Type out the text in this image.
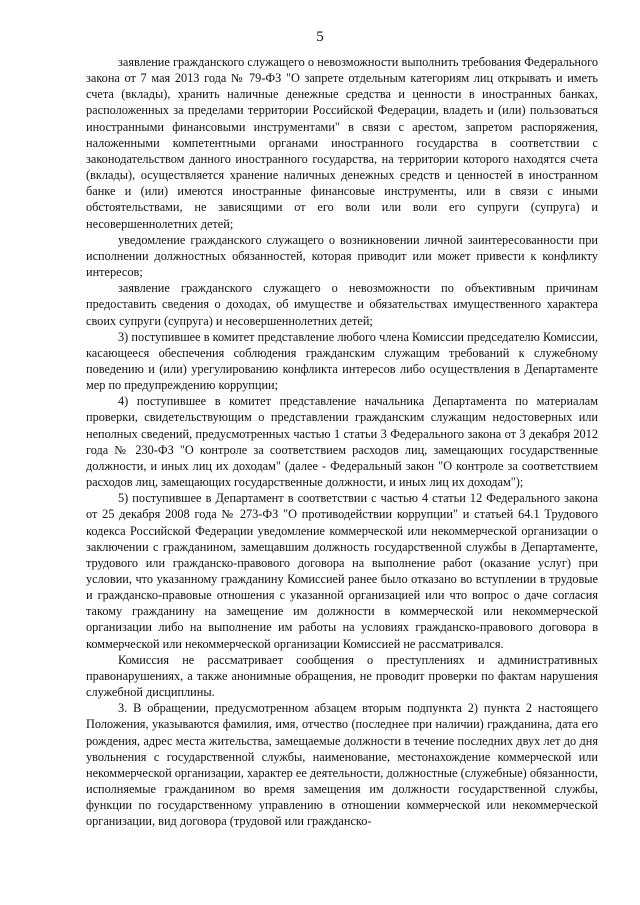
5

заявление гражданского служащего о невозможности выполнить требования Федерального закона от 7 мая 2013 года № 79-ФЗ "О запрете отдельным категориям лиц открывать и иметь счета (вклады), хранить наличные денежные средства и ценности в иностранных банках, расположенных за пределами территории Российской Федерации, владеть и (или) пользоваться иностранными финансовыми инструментами" в связи с арестом, запретом распоряжения, наложенными компетентными органами иностранного государства в соответствии с законодательством данного иностранного государства, на территории которого находятся счета (вклады), осуществляется хранение наличных денежных средств и ценностей в иностранном банке и (или) имеются иностранные финансовые инструменты, или в связи с иными обстоятельствами, не зависящими от его воли или воли его супруги (супруга) и несовершеннолетних детей;

уведомление гражданского служащего о возникновении личной заинтересованности при исполнении должностных обязанностей, которая приводит или может привести к конфликту интересов;

заявление гражданского служащего о невозможности по объективным причинам предоставить сведения о доходах, об имуществе и обязательствах имущественного характера своих супруги (супруга) и несовершеннолетних детей;

3) поступившее в комитет представление любого члена Комиссии председателю Комиссии, касающееся обеспечения соблюдения гражданским служащим требований к служебному поведению и (или) урегулированию конфликта интересов либо осуществления в Департаменте мер по предупреждению коррупции;

4) поступившее в комитет представление начальника Департамента по материалам проверки, свидетельствующим о представлении гражданским служащим недостоверных или неполных сведений, предусмотренных частью 1 статьи 3 Федерального закона от 3 декабря 2012 года № 230-ФЗ "О контроле за соответствием расходов лиц, замещающих государственные должности, и иных лиц их доходам" (далее - Федеральный закон "О контроле за соответствием расходов лиц, замещающих государственные должности, и иных лиц их доходам");

5) поступившее в Департамент в соответствии с частью 4 статьи 12 Федерального закона от 25 декабря 2008 года № 273-ФЗ "О противодействии коррупции" и статьей 64.1 Трудового кодекса Российской Федерации уведомление коммерческой или некоммерческой организации о заключении с гражданином, замещавшим должность государственной службы в Департаменте, трудового или гражданско-правового договора на выполнение работ (оказание услуг) при условии, что указанному гражданину Комиссией ранее было отказано во вступлении в трудовые и гражданско-правовые отношения с указанной организацией или что вопрос о даче согласия такому гражданину на замещение им должности в коммерческой или некоммерческой организации либо на выполнение им работы на условиях гражданско-правового договора в коммерческой или некоммерческой организации Комиссией не рассматривался.

Комиссия не рассматривает сообщения о преступлениях и административных правонарушениях, а также анонимные обращения, не проводит проверки по фактам нарушения служебной дисциплины.

3. В обращении, предусмотренном абзацем вторым подпункта 2) пункта 2 настоящего Положения, указываются фамилия, имя, отчество (последнее при наличии) гражданина, дата его рождения, адрес места жительства, замещаемые должности в течение последних двух лет до дня увольнения с государственной службы, наименование, местонахождение коммерческой или некоммерческой организации, характер ее деятельности, должностные (служебные) обязанности, исполняемые гражданином во время замещения им должности государственной службы, функции по государственному управлению в отношении коммерческой или некоммерческой организации, вид договора (трудовой или гражданско-
